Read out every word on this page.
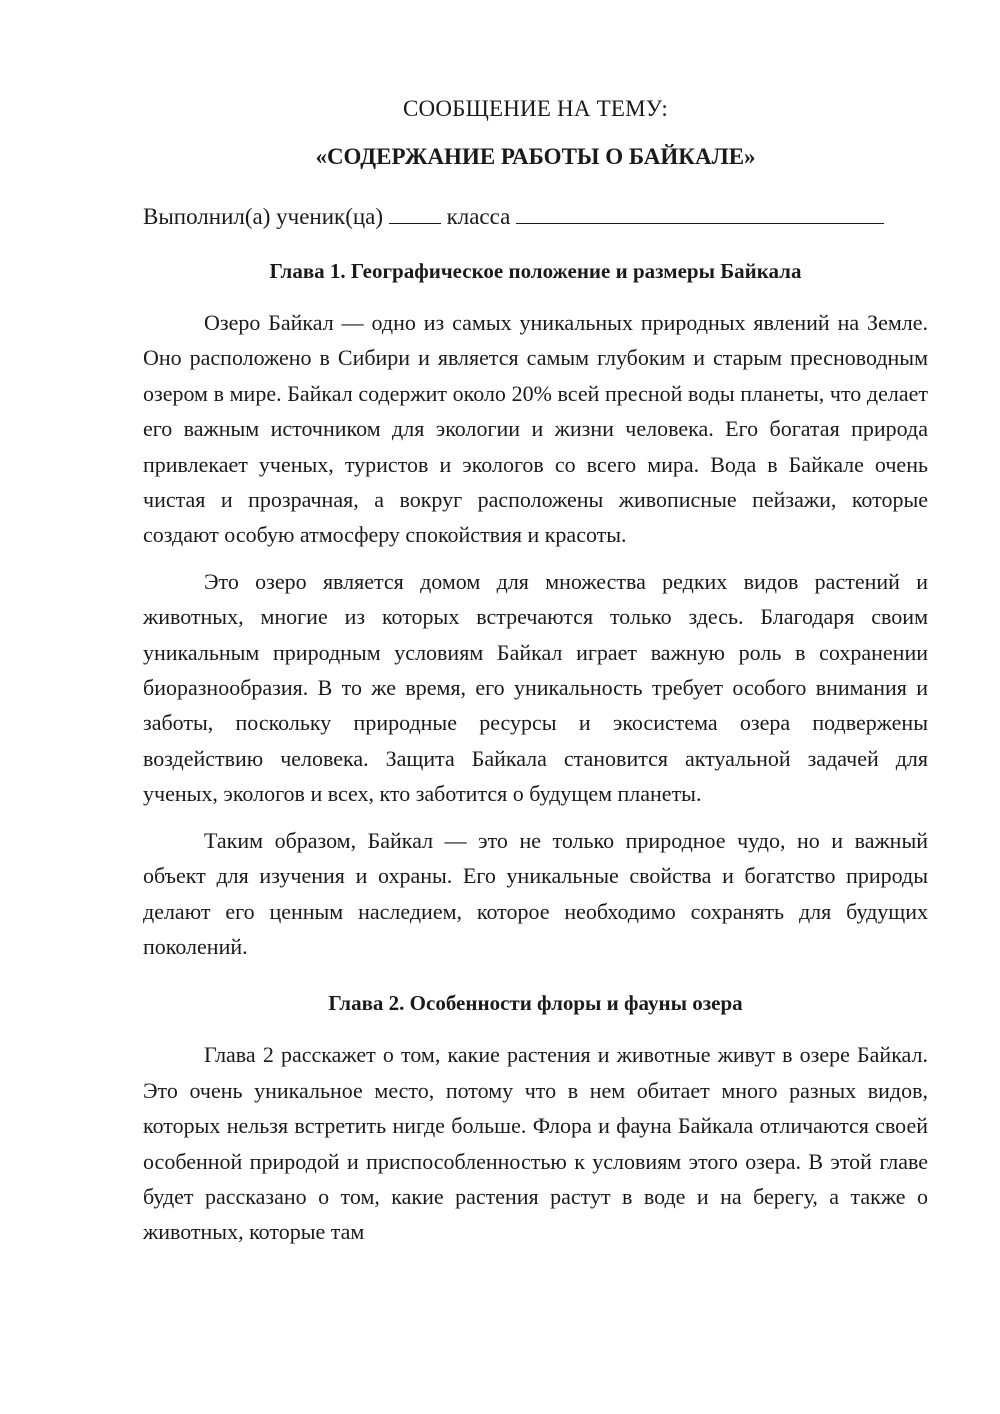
СООБЩЕНИЕ НА ТЕМУ:
«СОДЕРЖАНИЕ РАБОТЫ О БАЙКАЛЕ»
Выполнил(а) ученик(ца)	класса
Глава 1. Географическое положение и размеры Байкала

Озеро Байкал — одно из самых уникальных природных явлений на Земле. Оно расположено в Сибири и является самым глубоким и старым пресноводным озером в мире. Байкал содержит около 20% всей пресной воды планеты, что делает его важным источником для экологии и жизни человека. Его богатая природа привлекает ученых, туристов и экологов со всего мира. Вода в Байкале очень чистая и прозрачная, а вокруг расположены живописные пейзажи, которые создают особую атмосферу спокойствия и красоты.

Это озеро является домом для множества редких видов растений и животных, многие из которых встречаются только здесь. Благодаря своим уникальным природным условиям Байкал играет важную роль в сохранении биоразнообразия. В то же время, его уникальность требует особого внимания и заботы, поскольку природные ресурсы и экосистема озера подвержены воздействию человека. Защита Байкала становится актуальной задачей для ученых, экологов и всех, кто заботится о будущем планеты.

Таким образом, Байкал — это не только природное чудо, но и важный объект для изучения и охраны. Его уникальные свойства и богатство природы делают его ценным наследием, которое необходимо сохранять для будущих поколений.

Глава 2. Особенности флоры и фауны озера

Глава 2 расскажет о том, какие растения и животные живут в озере Байкал. Это очень уникальное место, потому что в нем обитает много разных видов, которых нельзя встретить нигде больше. Флора и фауна Байкала отличаются своей особенной природой и приспособленностью к условиям этого озера. В этой главе будет рассказано о том, какие растения растут в воде и на берегу, а также о животных, которые там
